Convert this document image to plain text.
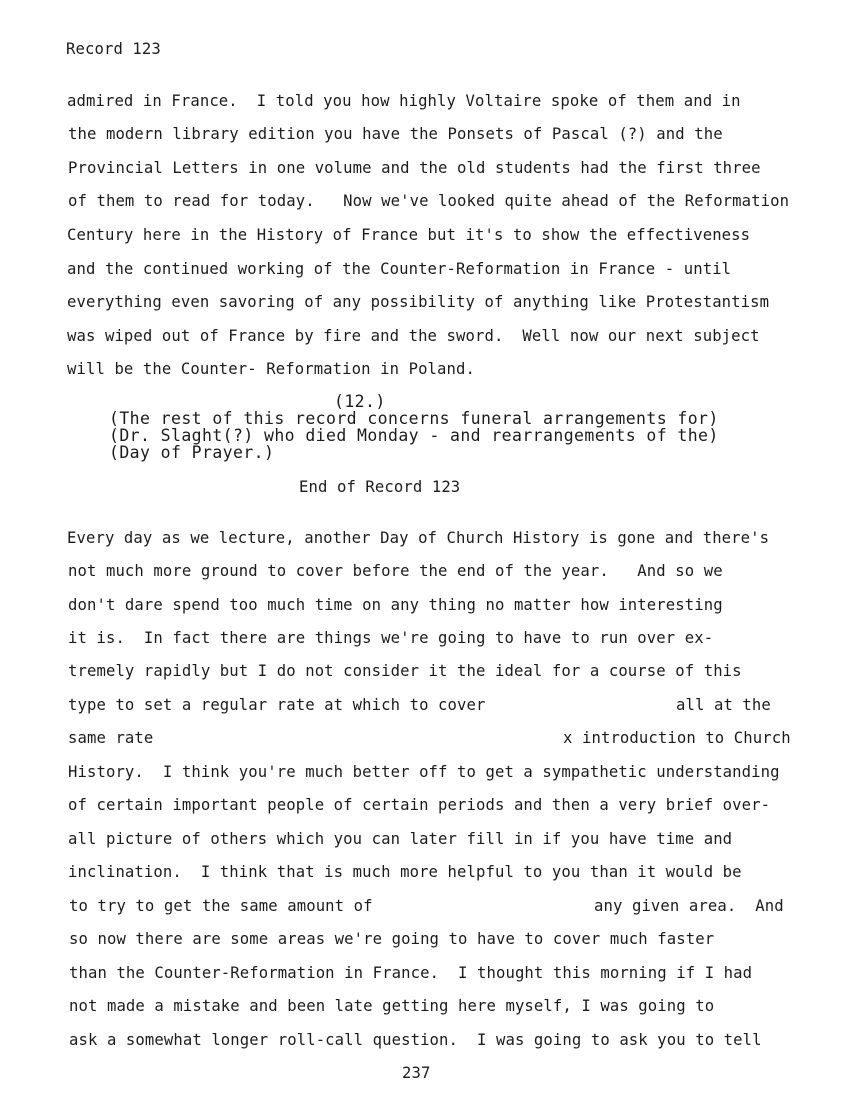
Record 123
admired in France.  I told you how highly Voltaire spoke of them and in
the modern library edition you have the Ponsets of Pascal (?) and the
Provincial Letters in one volume and the old students had the first three
of them to read for today.   Now we've looked quite ahead of the Reformation
Century here in the History of France but it's to show the effectiveness
and the continued working of the Counter-Reformation in France - until
everything even savoring of any possibility of anything like Protestantism
was wiped out of France by fire and the sword.  Well now our next subject
will be the Counter- Reformation in Poland.
(12.)
(The rest of this record concerns funeral arrangements for)
(Dr. Slaght(?) who died Monday - and rearrangements of the)
(Day of Prayer.)
End of Record 123
Every day as we lecture, another Day of Church History is gone and there's
not much more ground to cover before the end of the year.   And so we
don't dare spend too much time on any thing no matter how interesting
it is.  In fact there are things we're going to have to run over ex-
tremely rapidly but I do not consider it the ideal for a course of this
type to set a regular rate at which to cover	all at the
same rate	x introduction to Church
History.  I think you're much better off to get a sympathetic understanding
of certain important people of certain periods and then a very brief over-
all picture of others which you can later fill in if you have time and
inclination.  I think that is much more helpful to you than it would be
to try to get the same amount of	any given area.  And
so now there are some areas we're going to have to cover much faster
than the Counter-Reformation in France.  I thought this morning if I had
not made a mistake and been late getting here myself, I was going to
ask a somewhat longer roll-call question.  I was going to ask you to tell
237
